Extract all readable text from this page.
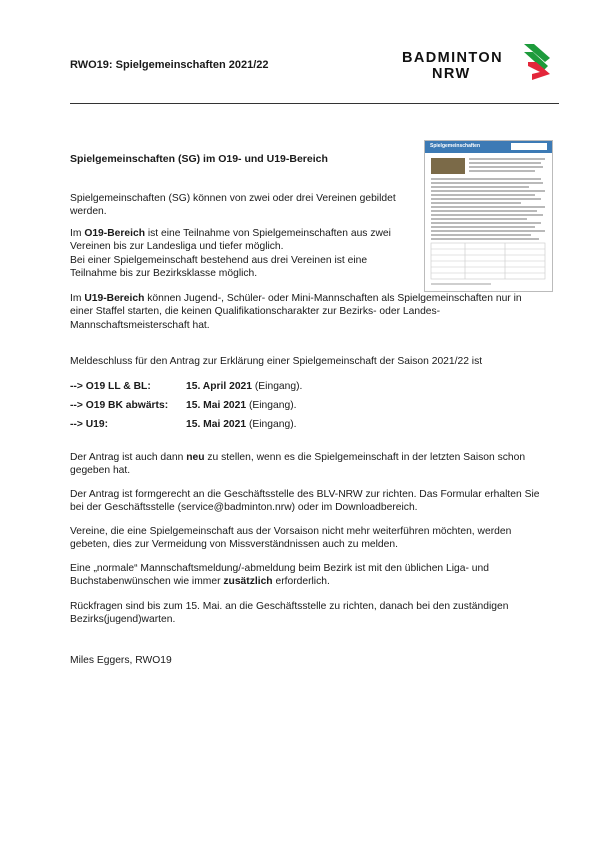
RWO19: Spielgemeinschaften 2021/22	BADMINTON
NRW
Spielgemeinschaften (SG) im O19- und U19-Bereich
Spielgemeinschaften

Spielgemeinschaften (SG) können von zwei oder drei Vereinen gebildet werden.

Im O19-Bereich ist eine Teilnahme von Spielgemeinschaften aus zwei Vereinen bis zur Landesliga und tiefer möglich.
Bei einer Spielgemeinschaft bestehend aus drei Vereinen ist eine Teilnahme bis zur Bezirksklasse möglich.

Im U19-Bereich können Jugend-, Schüler- oder Mini-Mannschaften als Spielgemeinschaften nur in einer Staffel starten, die keinen Qualifikationscharakter zur Bezirks- oder Landes-Mannschaftsmeisterschaft hat.

Meldeschluss für den Antrag zur Erklärung einer Spielgemeinschaft der Saison 2021/22 ist

--> O19 LL & BL:	15. April 2021 (Eingang).
--> O19 BK abwärts: 15. Mai 2021 (Eingang).
--> U19:	15. Mai 2021 (Eingang).

Der Antrag ist auch dann neu zu stellen, wenn es die Spielgemeinschaft in der letzten Saison schon gegeben hat.

Der Antrag ist formgerecht an die Geschäftsstelle des BLV-NRW zur richten. Das Formular erhalten Sie bei der Geschäftsstelle (service@badminton.nrw) oder im Downloadbereich.

Vereine, die eine Spielgemeinschaft aus der Vorsaison nicht mehr weiterführen möchten, werden gebeten, dies zur Vermeidung von Missverständnissen auch zu melden.

Eine „normale“ Mannschaftsmeldung/-abmeldung beim Bezirk ist mit den üblichen Liga- und Buchstabenwünschen wie immer zusätzlich erforderlich.

Rückfragen sind bis zum 15. Mai. an die Geschäftsstelle zu richten, danach bei den zuständigen Bezirks(jugend)warten.

Miles Eggers, RWO19
